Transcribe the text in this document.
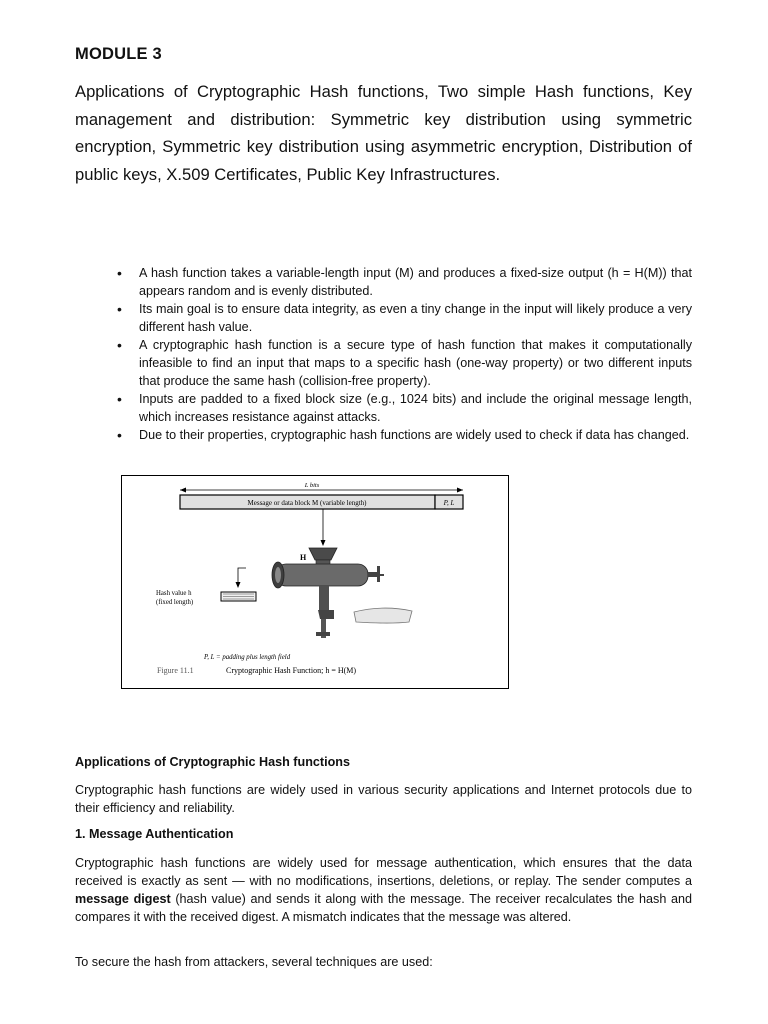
MODULE 3

Applications of Cryptographic Hash functions, Two simple Hash functions, Key management and distribution: Symmetric key distribution using symmetric encryption, Symmetric key distribution using asymmetric encryption, Distribution of public keys, X.509 Certificates, Public Key Infrastructures.

• A hash function takes a variable-length input (M) and produces a fixed-size output (h = H(M)) that appears random and is evenly distributed.
• Its main goal is to ensure data integrity, as even a tiny change in the input will likely produce a very different hash value.
• A cryptographic hash function is a secure type of hash function that makes it computationally infeasible to find an input that maps to a specific hash (one-way property) or two different inputs that produce the same hash (collision-free property).
• Inputs are padded to a fixed block size (e.g., 1024 bits) and include the original message length, which increases resistance against attacks.
• Due to their properties, cryptographic hash functions are widely used to check if data has changed.
L bits
Message or data block M (variable length)	P, L
H
Hash value h
(fixed length)
P, L = padding plus length field
Figure 11.1	Cryptographic Hash Function; h = H(M)
Applications of Cryptographic Hash functions

Cryptographic hash functions are widely used in various security applications and Internet protocols due to their efficiency and reliability.

1. Message Authentication

Cryptographic hash functions are widely used for message authentication, which ensures that the data received is exactly as sent — with no modifications, insertions, deletions, or replay. The sender computes a message digest (hash value) and sends it along with the message. The receiver recalculates the hash and compares it with the received digest. A mismatch indicates that the message was altered.

To secure the hash from attackers, several techniques are used:
